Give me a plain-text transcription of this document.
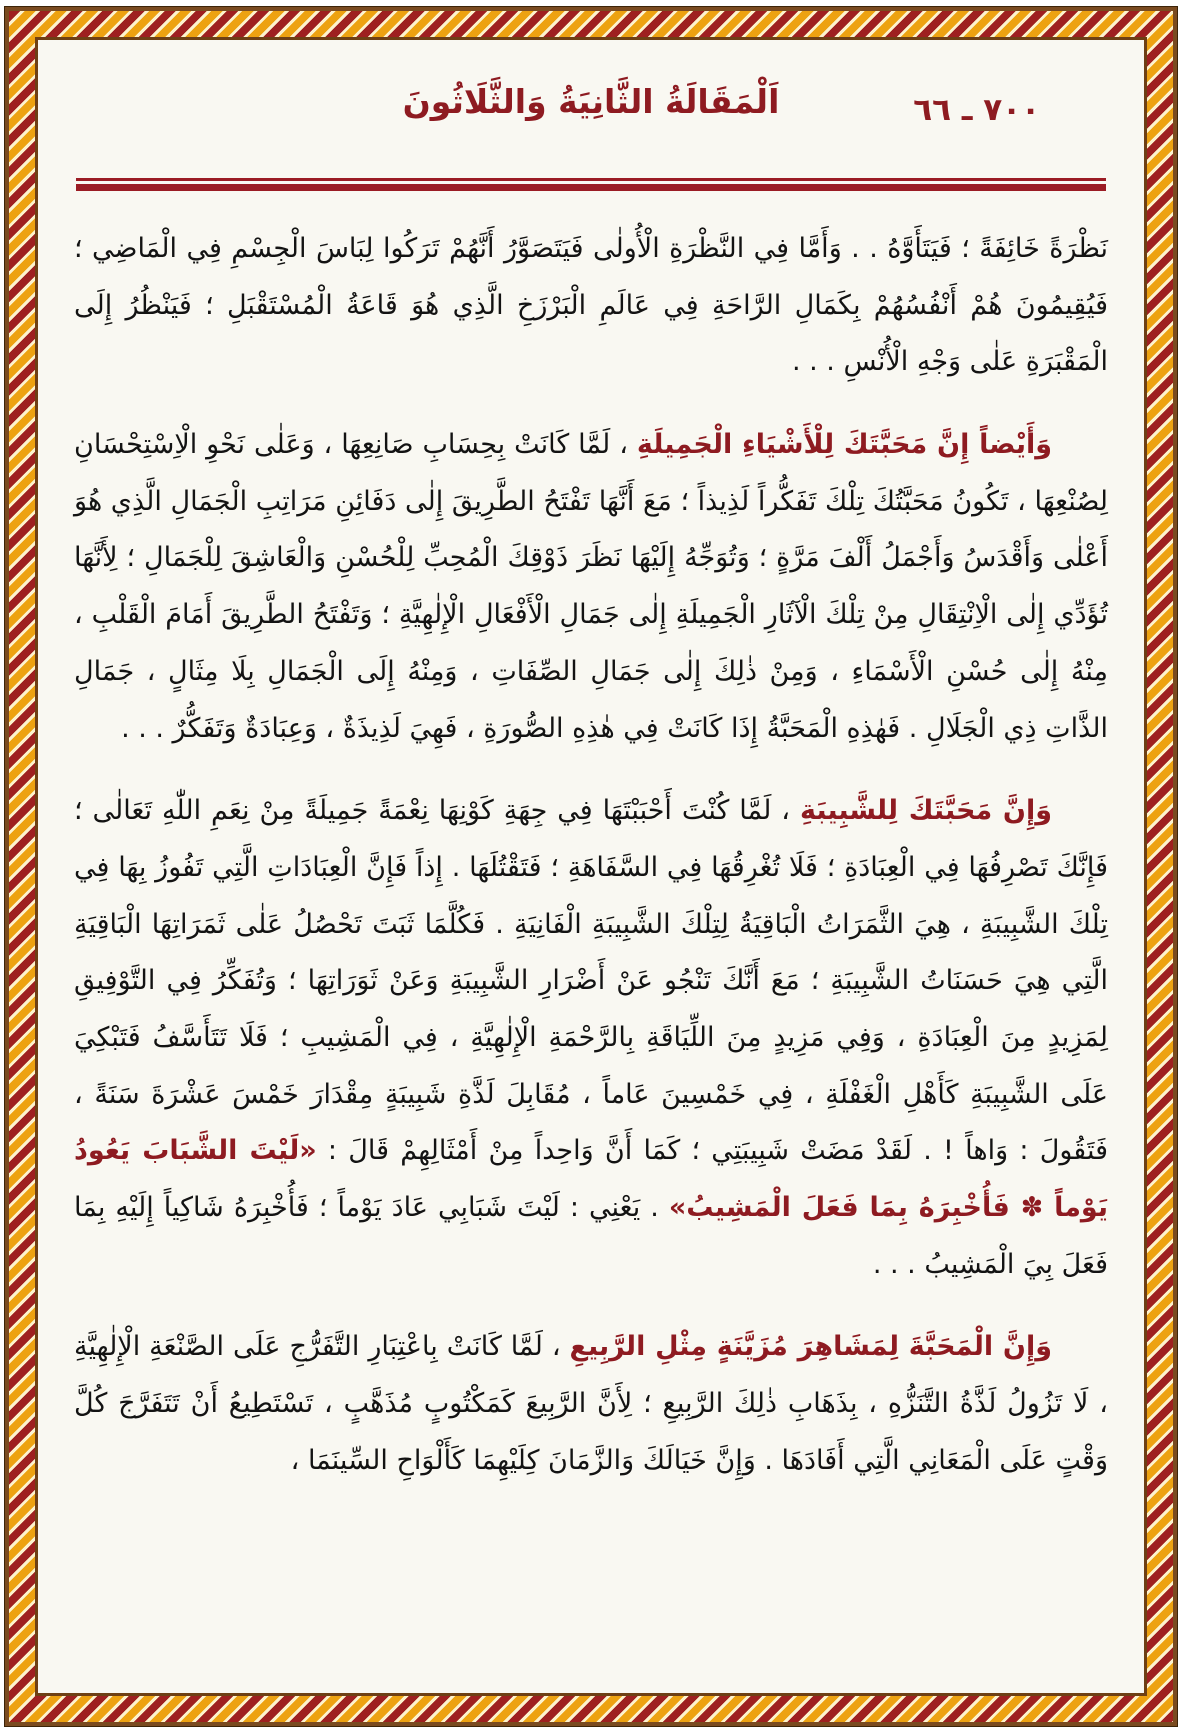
٧٠٠ ـ ٦٦
اَلْمَقَالَةُ الثَّانِيَةُ وَالثَّلَاثُونَ

نَظْرَةً خَائِفَةً ؛ فَيَتَأَوَّهُ . . وَأَمَّا فِي النَّظْرَةِ الْأُولٰى فَيَتَصَوَّرُ أَنَّهُمْ تَرَكُوا لِبَاسَ الْجِسْمِ فِي الْمَاضِي ؛ فَيُقِيمُونَ هُمْ أَنْفُسُهُمْ بِكَمَالِ الرَّاحَةِ فِي عَالَمِ الْبَرْزَخِ الَّذِي هُوَ قَاعَةُ الْمُسْتَقْبَلِ ؛ فَيَنْظُرُ إِلَى الْمَقْبَرَةِ عَلٰى وَجْهِ الْأُنْسِ . . .

وَأَيْضاً إِنَّ مَحَبَّتَكَ لِلْأَشْيَاءِ الْجَمِيلَةِ ، لَمَّا كَانَتْ بِحِسَابِ صَانِعِهَا ، وَعَلٰى نَحْوِ الْاِسْتِحْسَانِ لِصُنْعِهَا ، تَكُونُ مَحَبَّتُكَ تِلْكَ تَفَكُّراً لَذِيذاً ؛ مَعَ أَنَّهَا تَفْتَحُ الطَّرِيقَ إِلٰى دَفَائِنِ مَرَاتِبِ الْجَمَالِ الَّذِي هُوَ أَعْلٰى وَأَقْدَسُ وَأَجْمَلُ أَلْفَ مَرَّةٍ ؛ وَتُوَجِّهُ إِلَيْهَا نَظَرَ ذَوْقِكَ الْمُحِبِّ لِلْحُسْنِ وَالْعَاشِقَ لِلْجَمَالِ ؛ لِأَنَّهَا تُؤَدِّي إِلٰى الْاِنْتِقَالِ مِنْ تِلْكَ الْآثَارِ الْجَمِيلَةِ إِلٰى جَمَالِ الْأَفْعَالِ الْإِلٰهِيَّةِ ؛ وَتَفْتَحُ الطَّرِيقَ أَمَامَ الْقَلْبِ ، مِنْهُ إِلٰى حُسْنِ الْأَسْمَاءِ ، وَمِنْ ذٰلِكَ إِلٰى جَمَالِ الصِّفَاتِ ، وَمِنْهُ إِلَى الْجَمَالِ بِلَا مِثَالٍ ، جَمَالِ الذَّاتِ ذِي الْجَلَالِ . فَهٰذِهِ الْمَحَبَّةُ إِذَا كَانَتْ فِي هٰذِهِ الصُّورَةِ ، فَهِيَ لَذِيذَةٌ ، وَعِبَادَةٌ وَتَفَكُّرٌ . . .

وَإِنَّ مَحَبَّتَكَ لِلشَّبِيبَةِ ، لَمَّا كُنْتَ أَحْبَبْتَهَا فِي جِهَةِ كَوْنِهَا نِعْمَةً جَمِيلَةً مِنْ نِعَمِ اللّٰهِ تَعَالٰى ؛ فَإِنَّكَ تَصْرِفُهَا فِي الْعِبَادَةِ ؛ فَلَا تُغْرِقُهَا فِي السَّفَاهَةِ ؛ فَتَقْتُلَهَا . إِذاً فَإِنَّ الْعِبَادَاتِ الَّتِي تَفُوزُ بِهَا فِي تِلْكَ الشَّبِيبَةِ ، هِيَ الثَّمَرَاتُ الْبَاقِيَةُ لِتِلْكَ الشَّبِيبَةِ الْفَانِيَةِ . فَكُلَّمَا ثَبَتَ تَحْصُلُ عَلٰى ثَمَرَاتِهَا الْبَاقِيَةِ الَّتِي هِيَ حَسَنَاتُ الشَّبِيبَةِ ؛ مَعَ أَنَّكَ تَنْجُو عَنْ أَضْرَارِ الشَّبِيبَةِ وَعَنْ ثَوَرَاتِهَا ؛ وَتُفَكِّرُ فِي التَّوْفِيقِ لِمَزِيدٍ مِنَ الْعِبَادَةِ ، وَفِي مَزِيدٍ مِنَ اللِّيَاقَةِ بِالرَّحْمَةِ الْإِلٰهِيَّةِ ، فِي الْمَشِيبِ ؛ فَلَا تَتَأَسَّفُ فَتَبْكِيَ عَلَى الشَّبِيبَةِ كَأَهْلِ الْغَفْلَةِ ، فِي خَمْسِينَ عَاماً ، مُقَابِلَ لَذَّةِ شَبِيبَةٍ مِقْدَارَ خَمْسَ عَشْرَةَ سَنَةً ، فَتَقُولَ : وَاهاً ! . لَقَدْ مَضَتْ شَبِيبَتِي ؛ كَمَا أَنَّ وَاحِداً مِنْ أَمْثَالِهِمْ قَالَ : «لَيْتَ الشَّبَابَ يَعُودُ يَوْماً ✽ فَأُخْبِرَهُ بِمَا فَعَلَ الْمَشِيبُ» . يَعْنِي : لَيْتَ شَبَابِي عَادَ يَوْماً ؛ فَأُخْبِرَهُ شَاكِياً إِلَيْهِ بِمَا فَعَلَ بِيَ الْمَشِيبُ . . .

وَإِنَّ الْمَحَبَّةَ لِمَشَاهِرَ مُزَيَّنَةٍ مِثْلِ الرَّبِيعِ ، لَمَّا كَانَتْ بِاعْتِبَارِ التَّفَرُّجِ عَلَى الصَّنْعَةِ الْإِلٰهِيَّةِ ، لَا تَزُولُ لَذَّةُ التَّنَزُّهِ ، بِذَهَابِ ذٰلِكَ الرَّبِيعِ ؛ لِأَنَّ الرَّبِيعَ كَمَكْتُوبٍ مُذَهَّبٍ ، تَسْتَطِيعُ أَنْ تَتَفَرَّجَ كُلَّ وَقْتٍ عَلَى الْمَعَانِي الَّتِي أَفَادَهَا . وَإِنَّ خَيَالَكَ وَالزَّمَانَ كِلَيْهِمَا كَأَلْوَاحِ السِّينَمَا ،
